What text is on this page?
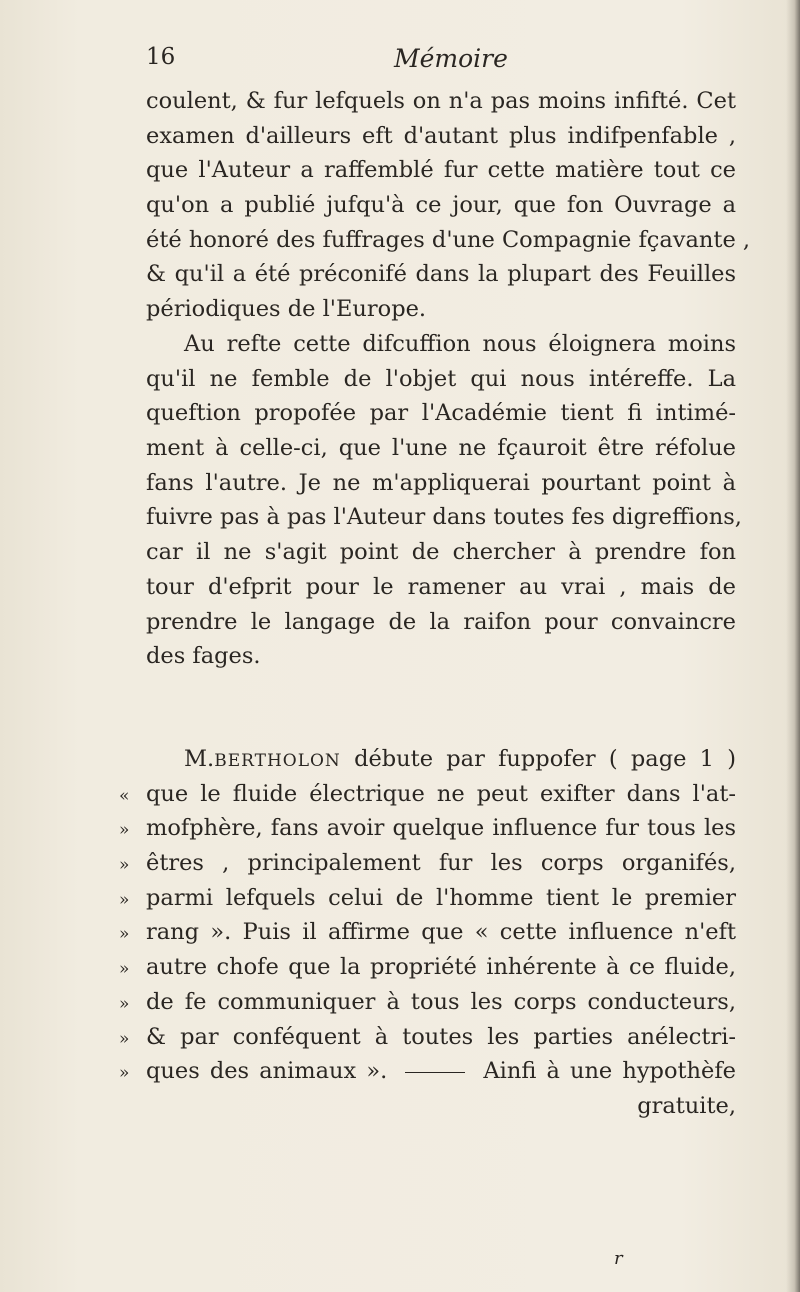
16	Mémoire
coulent, & fur lefquels on n'a pas moins infifté. Cet
examen d'ailleurs eft d'autant plus indifpenfable ,
que l'Auteur a raffemblé fur cette matière tout ce
qu'on a publié jufqu'à ce jour, que fon Ouvrage a
été honoré des fuffrages d'une Compagnie fçavante ,
& qu'il a été préconifé dans la plupart des Feuilles
périodiques de l'Europe.
Au refte cette difcuffion nous éloignera moins
qu'il ne femble de l'objet qui nous intéreffe. La
queftion propofée par l'Académie tient fi intimé-
ment à celle-ci, que l'une ne fçauroit être réfolue
fans l'autre. Je ne m'appliquerai pourtant point à
fuivre pas à pas l'Auteur dans toutes fes digreffions,
car il ne s'agit point de chercher à prendre fon
tour d'efprit pour le ramener au vrai , mais de
prendre le langage de la raifon pour convaincre
des fages.
M.BERTHOLON débute par fuppofer ( page 1 )
« que le fluide électrique ne peut exifter dans l'at-
» mofphère, fans avoir quelque influence fur tous les
» êtres , principalement fur les corps organifés,
» parmi lefquels celui de l'homme tient le premier
» rang ». Puis il affirme que « cette influence n'eft
» autre chofe que la propriété inhérente à ce fluide,
» de fe communiquer à tous les corps conducteurs,
» & par conféquent à toutes les parties anélectri-
» ques des animaux ».	Ainfi à une hypothèfe
gratuite,
r
